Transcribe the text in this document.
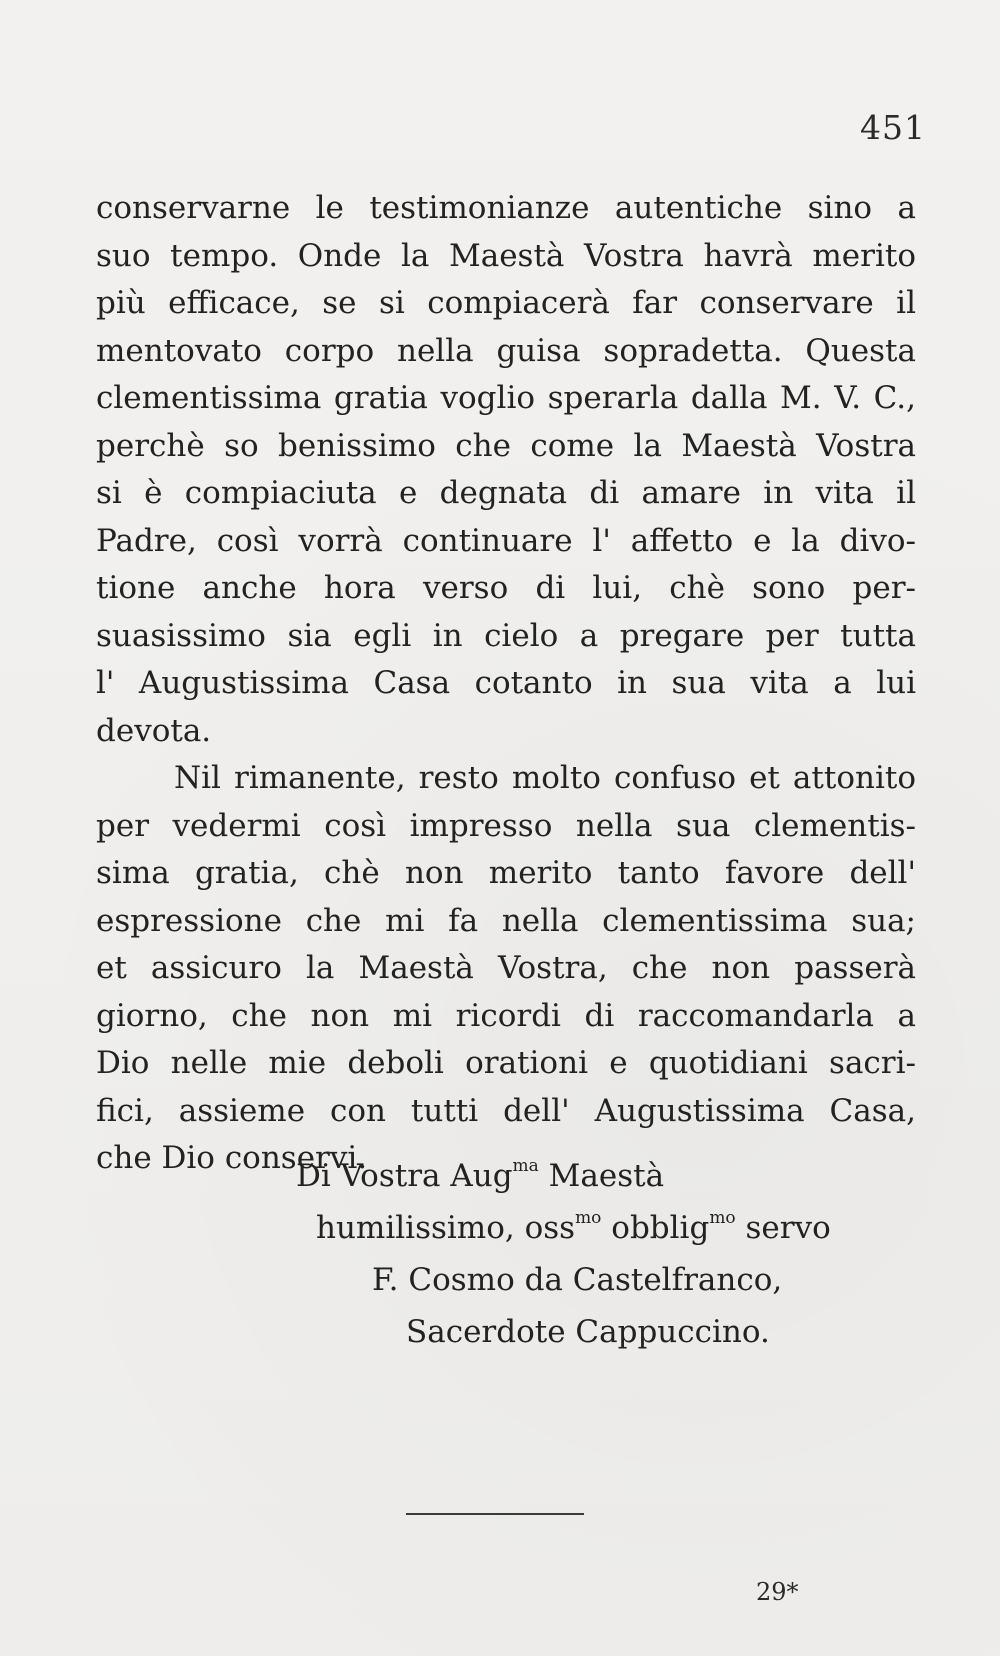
451
conservarne le testimonianze autentiche sino a
suo tempo. Onde la Maestà Vostra havrà merito
più efficace, se si compiacerà far conservare il
mentovato corpo nella guisa sopradetta. Questa
clementissima gratia voglio sperarla dalla M. V. C.,
perchè so benissimo che come la Maestà Vostra
si è compiaciuta e degnata di amare in vita il
Padre, così vorrà continuare l' affetto e la divo-
tione anche hora verso di lui, chè sono per-
suasissimo sia egli in cielo a pregare per tutta
l' Augustissima Casa cotanto in sua vita a lui
devota.
Nil rimanente, resto molto confuso et attonito
per vedermi così impresso nella sua clementis-
sima gratia, chè non merito tanto favore dell'
espressione che mi fa nella clementissima sua;
et assicuro la Maestà Vostra, che non passerà
giorno, che non mi ricordi di raccomandarla a
Dio nelle mie deboli orationi e quotidiani sacri-
fici, assieme con tutti dell' Augustissima Casa,
che Dio conservi.
Di Vostra Aug$^{ma}$ Maestà
humilissimo, oss$^{mo}$ obblig$^{mo}$ servo
F. Cosmo da Castelfranco,
Sacerdote Cappuccino.
29*
